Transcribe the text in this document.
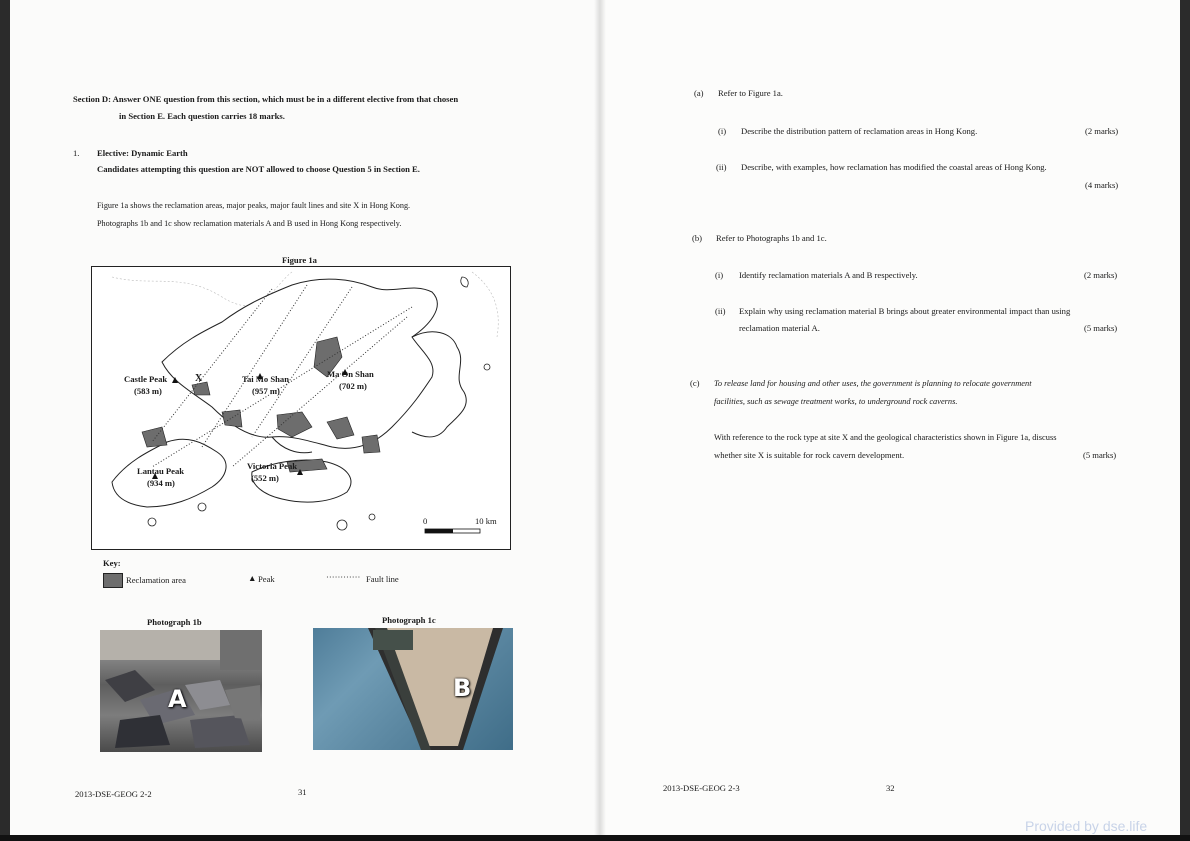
Section D: Answer ONE question from this section, which must be in a different elective from that chosen
in Section E. Each question carries 18 marks.
1. Elective: Dynamic Earth
Candidates attempting this question are NOT allowed to choose Question 5 in Section E.
Figure 1a shows the reclamation areas, major peaks, major fault lines and site X in Hong Kong.
Photographs 1b and 1c show reclamation materials A and B used in Hong Kong respectively.
Figure 1a
Castle Peak
(583 m)
X	Tai Mo Shan
(957 m)
Ma On Shan
(702 m)
Lantau Peak
(934 m)
Victoria Peak
(552 m)
0	10 km
Key:
Reclamation area	▲ Peak	············ Fault line
Photograph 1b
A
Photograph 1c
B
2013-DSE-GEOG 2-2	31
(a) Refer to Figure 1a.
(i) Describe the distribution pattern of reclamation areas in Hong Kong.	(2 marks)
(ii) Describe, with examples, how reclamation has modified the coastal areas of Hong Kong.
(4 marks)
(b) Refer to Photographs 1b and 1c.
(i) Identify reclamation materials A and B respectively.	(2 marks)
(ii) Explain why using reclamation material B brings about greater environmental impact than using
reclamation material A.	(5 marks)
(c) To release land for housing and other uses, the government is planning to relocate government
facilities, such as sewage treatment works, to underground rock caverns.
With reference to the rock type at site X and the geological characteristics shown in Figure 1a, discuss
whether site X is suitable for rock cavern development.	(5 marks)
2013-DSE-GEOG 2-3	32
Provided by dse.life
